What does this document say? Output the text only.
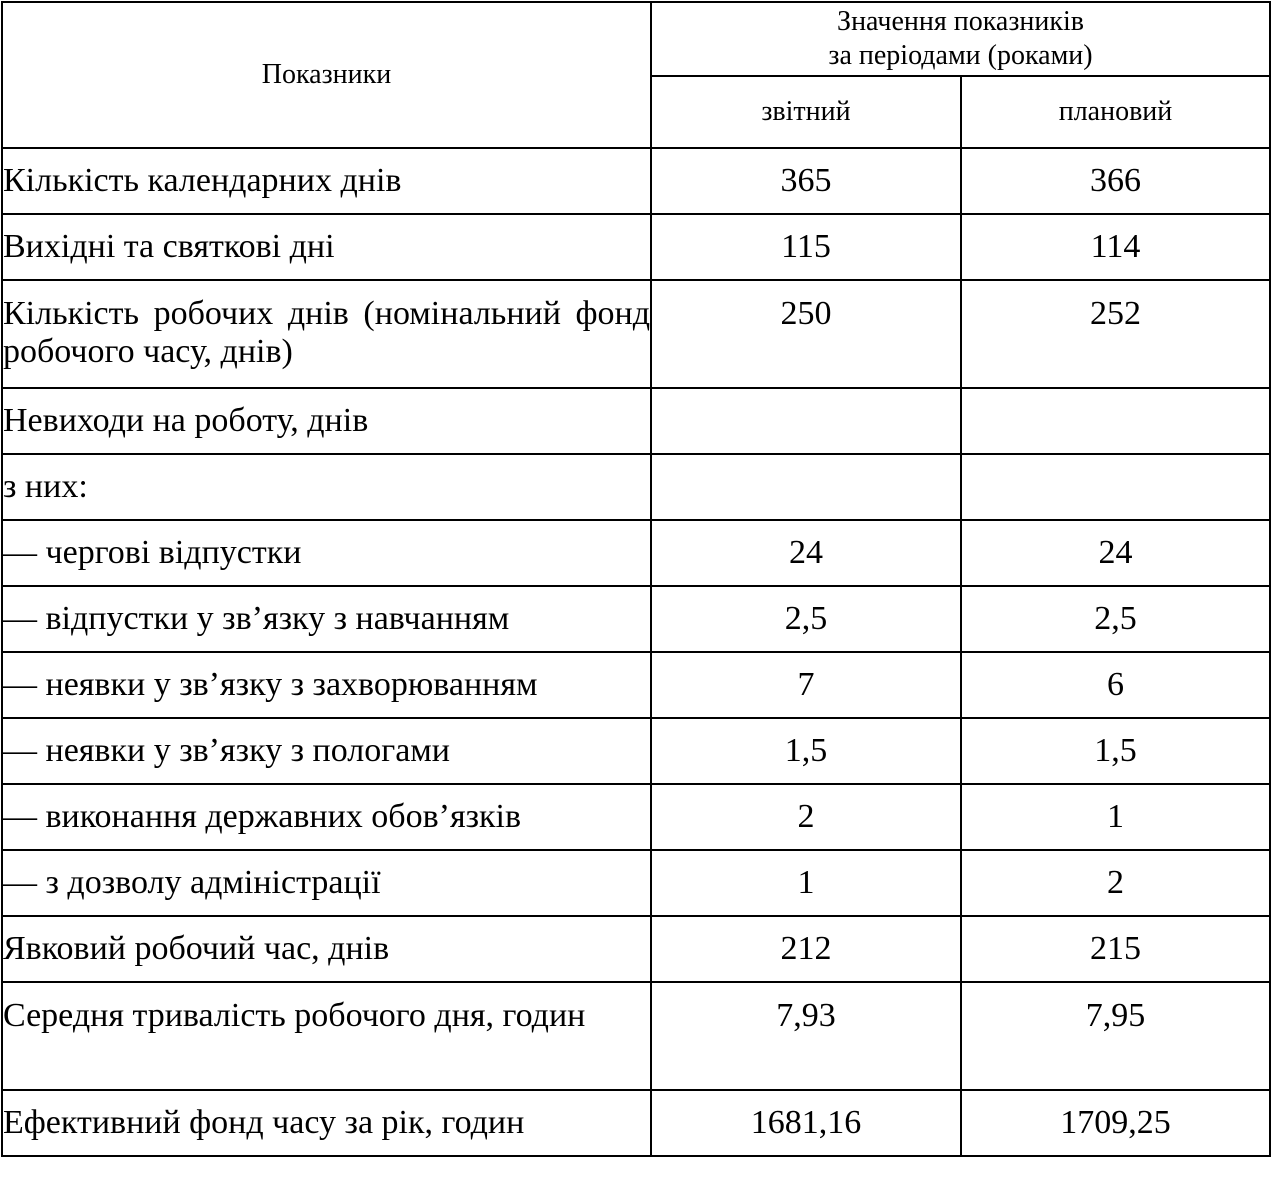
Показники	Значення показників
за періодами (роками)	
	звітний	плановий
Кількість календарних днів	365	366
Вихідні та святкові дні	115	114
Кількість робочих днів (номінальний фонд робочого часу, днів)	250	252
Невиходи на роботу, днів		
з них:		
— чергові відпустки	24	24
— відпустки у зв’язку з навчанням	2,5	2,5
— неявки у зв’язку з захворюванням	7	6
— неявки у зв’язку з пологами	1,5	1,5
— виконання державних обов’язків	2	1
— з дозволу адміністрації	1	2
Явковий робочий час, днів	212	215
Середня тривалість робочого дня, годин	7,93	7,95
Ефективний фонд часу за рік, годин	1681,16	1709,25
